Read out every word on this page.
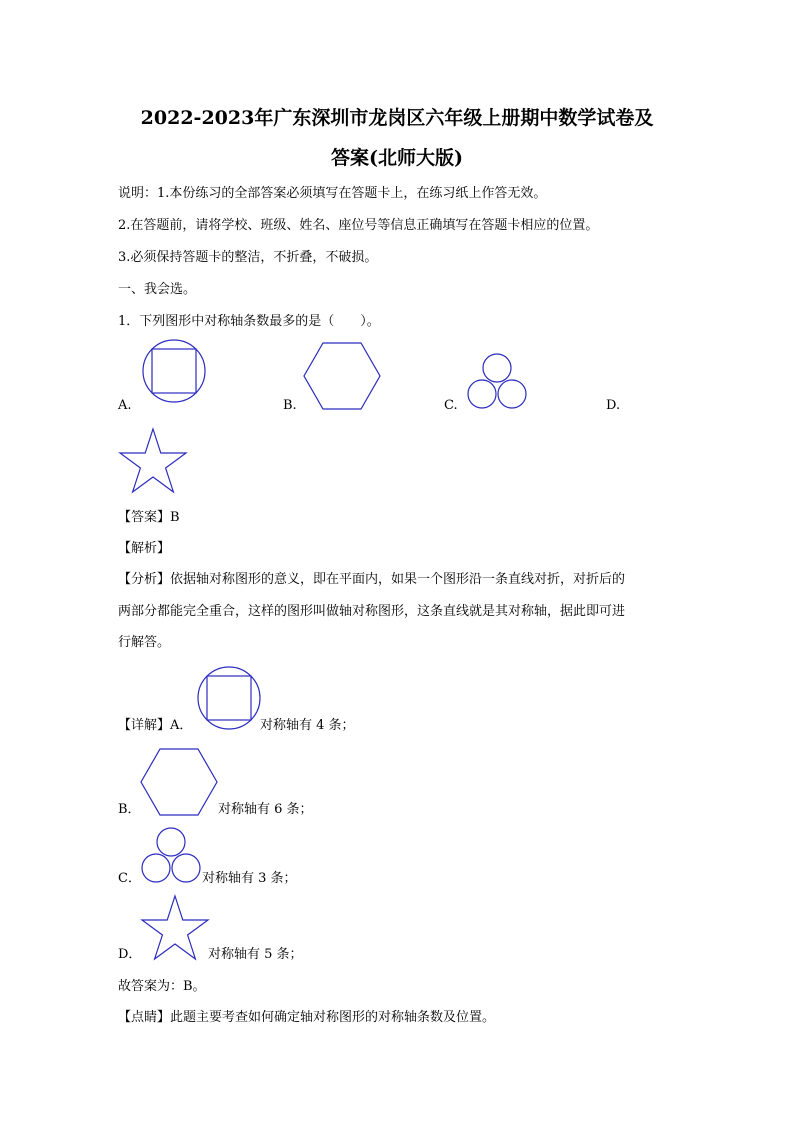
2022-2023年广东深圳市龙岗区六年级上册期中数学试卷及
答案(北师大版)
说明：1.本份练习的全部答案必须填写在答题卡上，在练习纸上作答无效。
2.在答题前，请将学校、班级、姓名、座位号等信息正确填写在答题卡相应的位置。
3.必须保持答题卡的整洁，不折叠，不破损。
一、我会选。
1．下列图形中对称轴条数最多的是（　　）。
A.	B.	C.	D.
【答案】B
【解析】
【分析】依据轴对称图形的意义，即在平面内，如果一个图形沿一条直线对折，对折后的
两部分都能完全重合，这样的图形叫做轴对称图形，这条直线就是其对称轴，据此即可进
行解答。
【详解】A．	对称轴有 4 条；
B．	对称轴有 6 条；
C．	对称轴有 3 条；
D．	对称轴有 5 条；
故答案为：B。
【点睛】此题主要考查如何确定轴对称图形的对称轴条数及位置。
